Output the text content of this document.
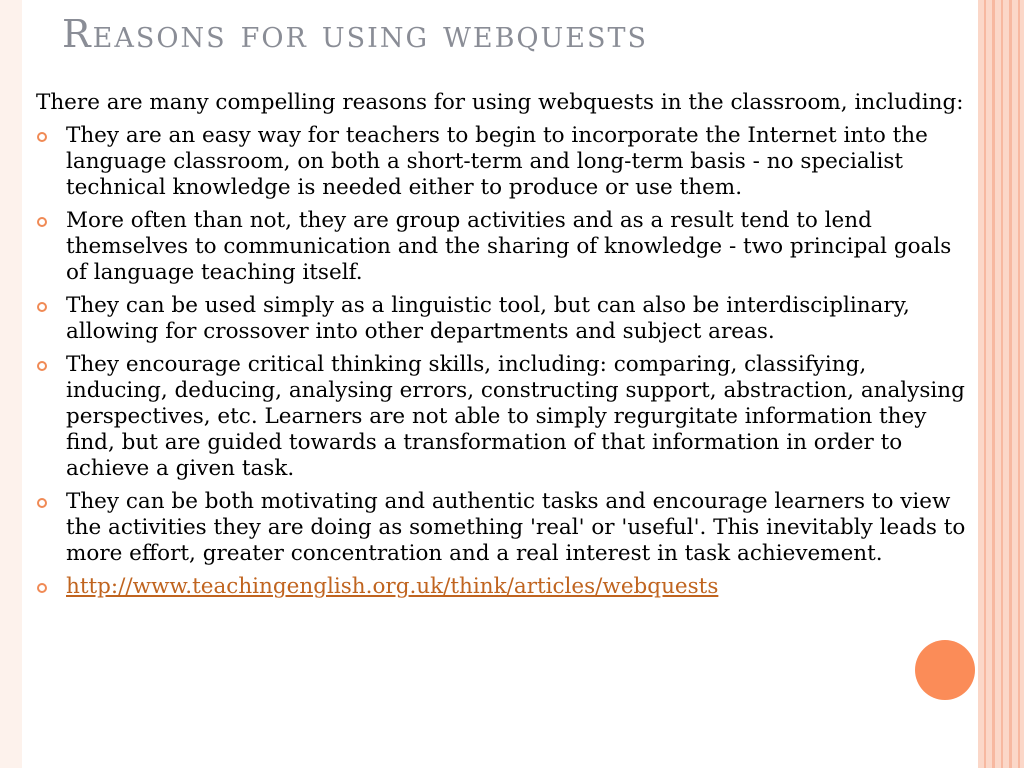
Reasons for using webquests

There are many compelling reasons for using webquests in the classroom, including:

They are an easy way for teachers to begin to incorporate the Internet into the language classroom, on both a short-term and long-term basis - no specialist technical knowledge is needed either to produce or use them.
More often than not, they are group activities and as a result tend to lend themselves to communication and the sharing of knowledge - two principal goals of language teaching itself.
They can be used simply as a linguistic tool, but can also be interdisciplinary, allowing for crossover into other departments and subject areas.
They encourage critical thinking skills, including: comparing, classifying, inducing, deducing, analysing errors, constructing support, abstraction, analysing perspectives, etc. Learners are not able to simply regurgitate information they find, but are guided towards a transformation of that information in order to achieve a given task.
They can be both motivating and authentic tasks and encourage learners to view the activities they are doing as something 'real' or 'useful'. This inevitably leads to more effort, greater concentration and a real interest in task achievement.
http://www.teachingenglish.org.uk/think/articles/webquests
